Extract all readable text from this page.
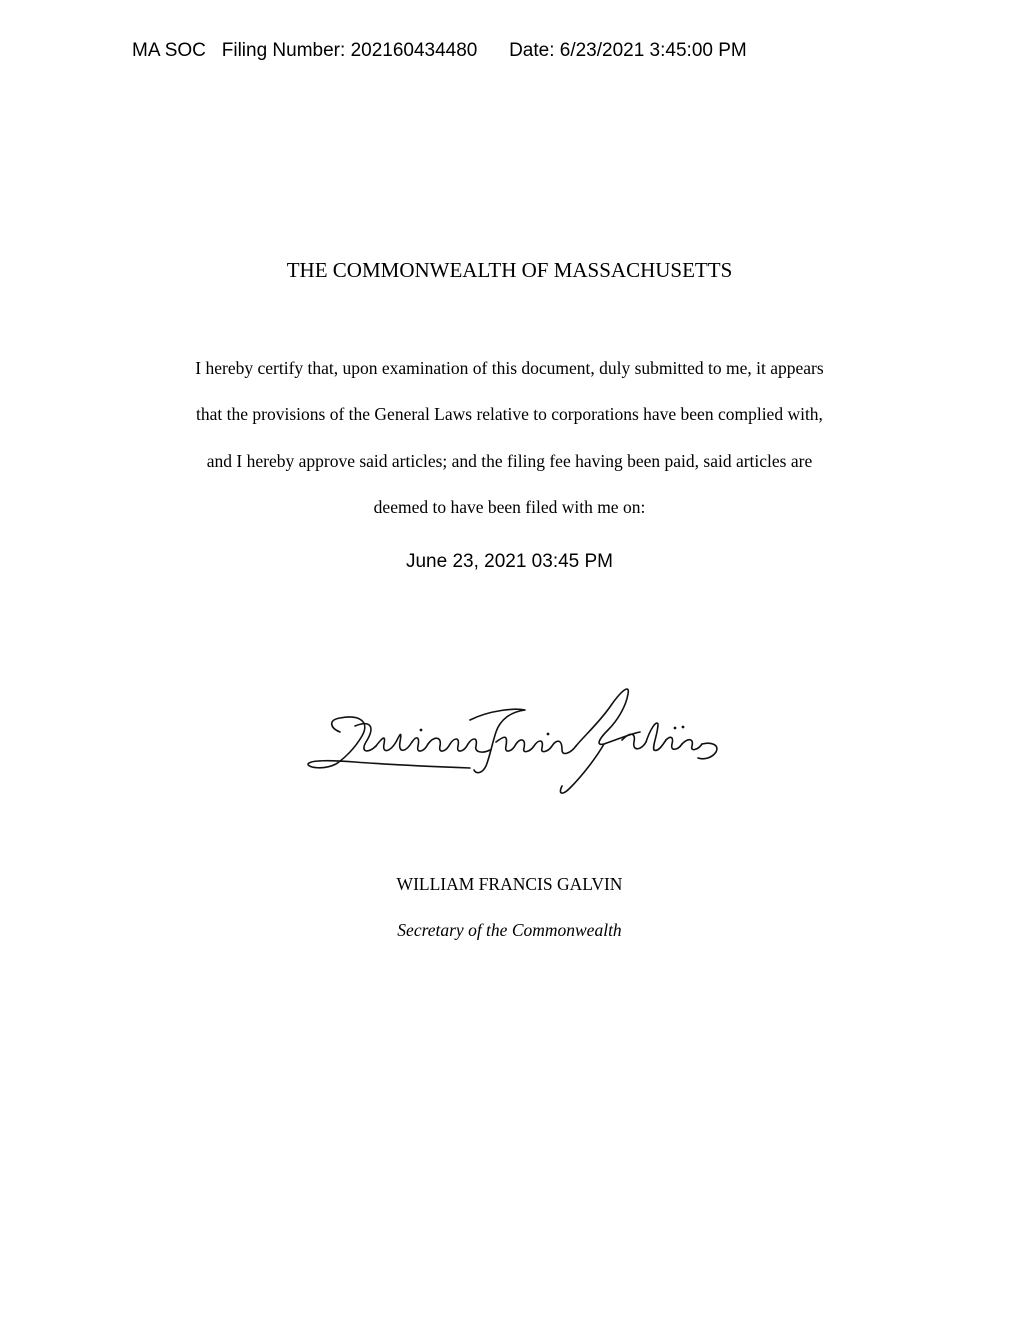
MA SOC Filing Number: 202160434480 Date: 6/23/2021 3:45:00 PM
THE COMMONWEALTH OF MASSACHUSETTS
I hereby certify that, upon examination of this document, duly submitted to me, it appears
that the provisions of the General Laws relative to corporations have been complied with,
and I hereby approve said articles; and the filing fee having been paid, said articles are
deemed to have been filed with me on:
June 23, 2021 03:45 PM
WILLIAM FRANCIS GALVIN
Secretary of the Commonwealth
